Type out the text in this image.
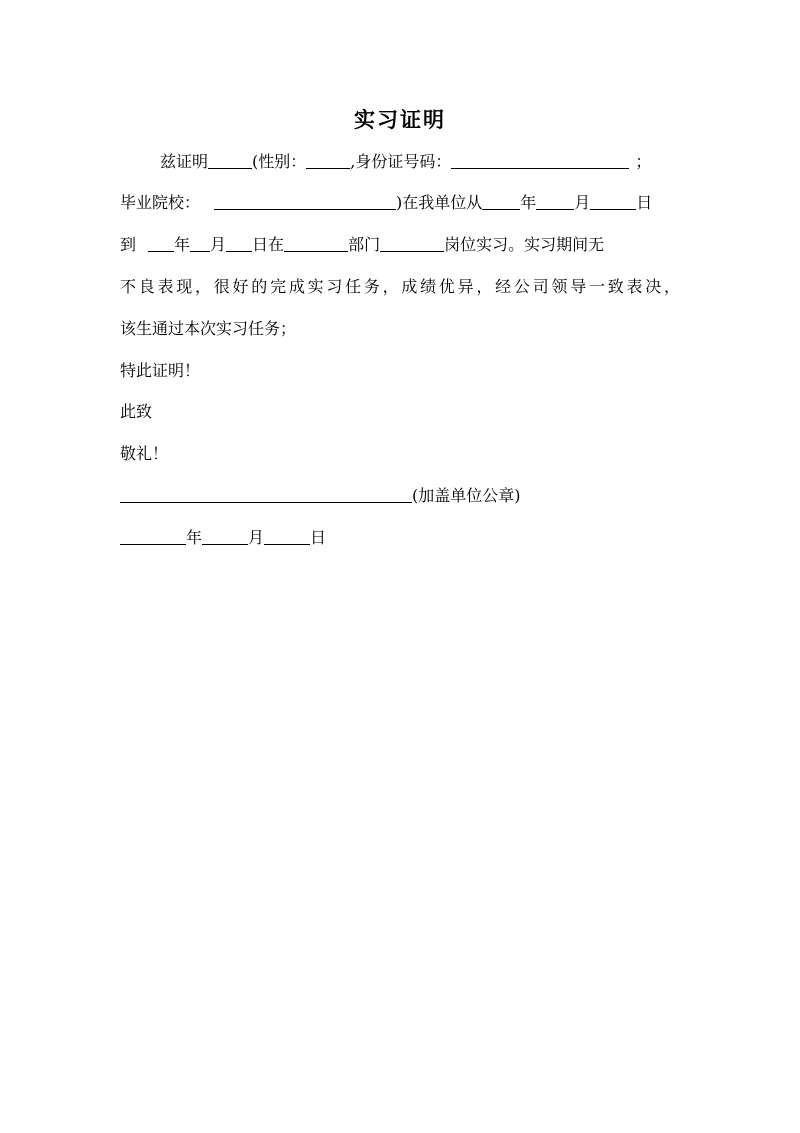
实习证明
兹证明	(性别：	,身份证号码：	；
毕业院校：	)在我单位从 年 月	日
到 年 月 日在	部门	岗位实习。实习期间无
不良表现，很好的完成实习任务，成绩优异，经公司领导一致表决，
该生通过本次实习任务；
特此证明！
此致
敬礼！
(加盖单位公章)
年	月	日
